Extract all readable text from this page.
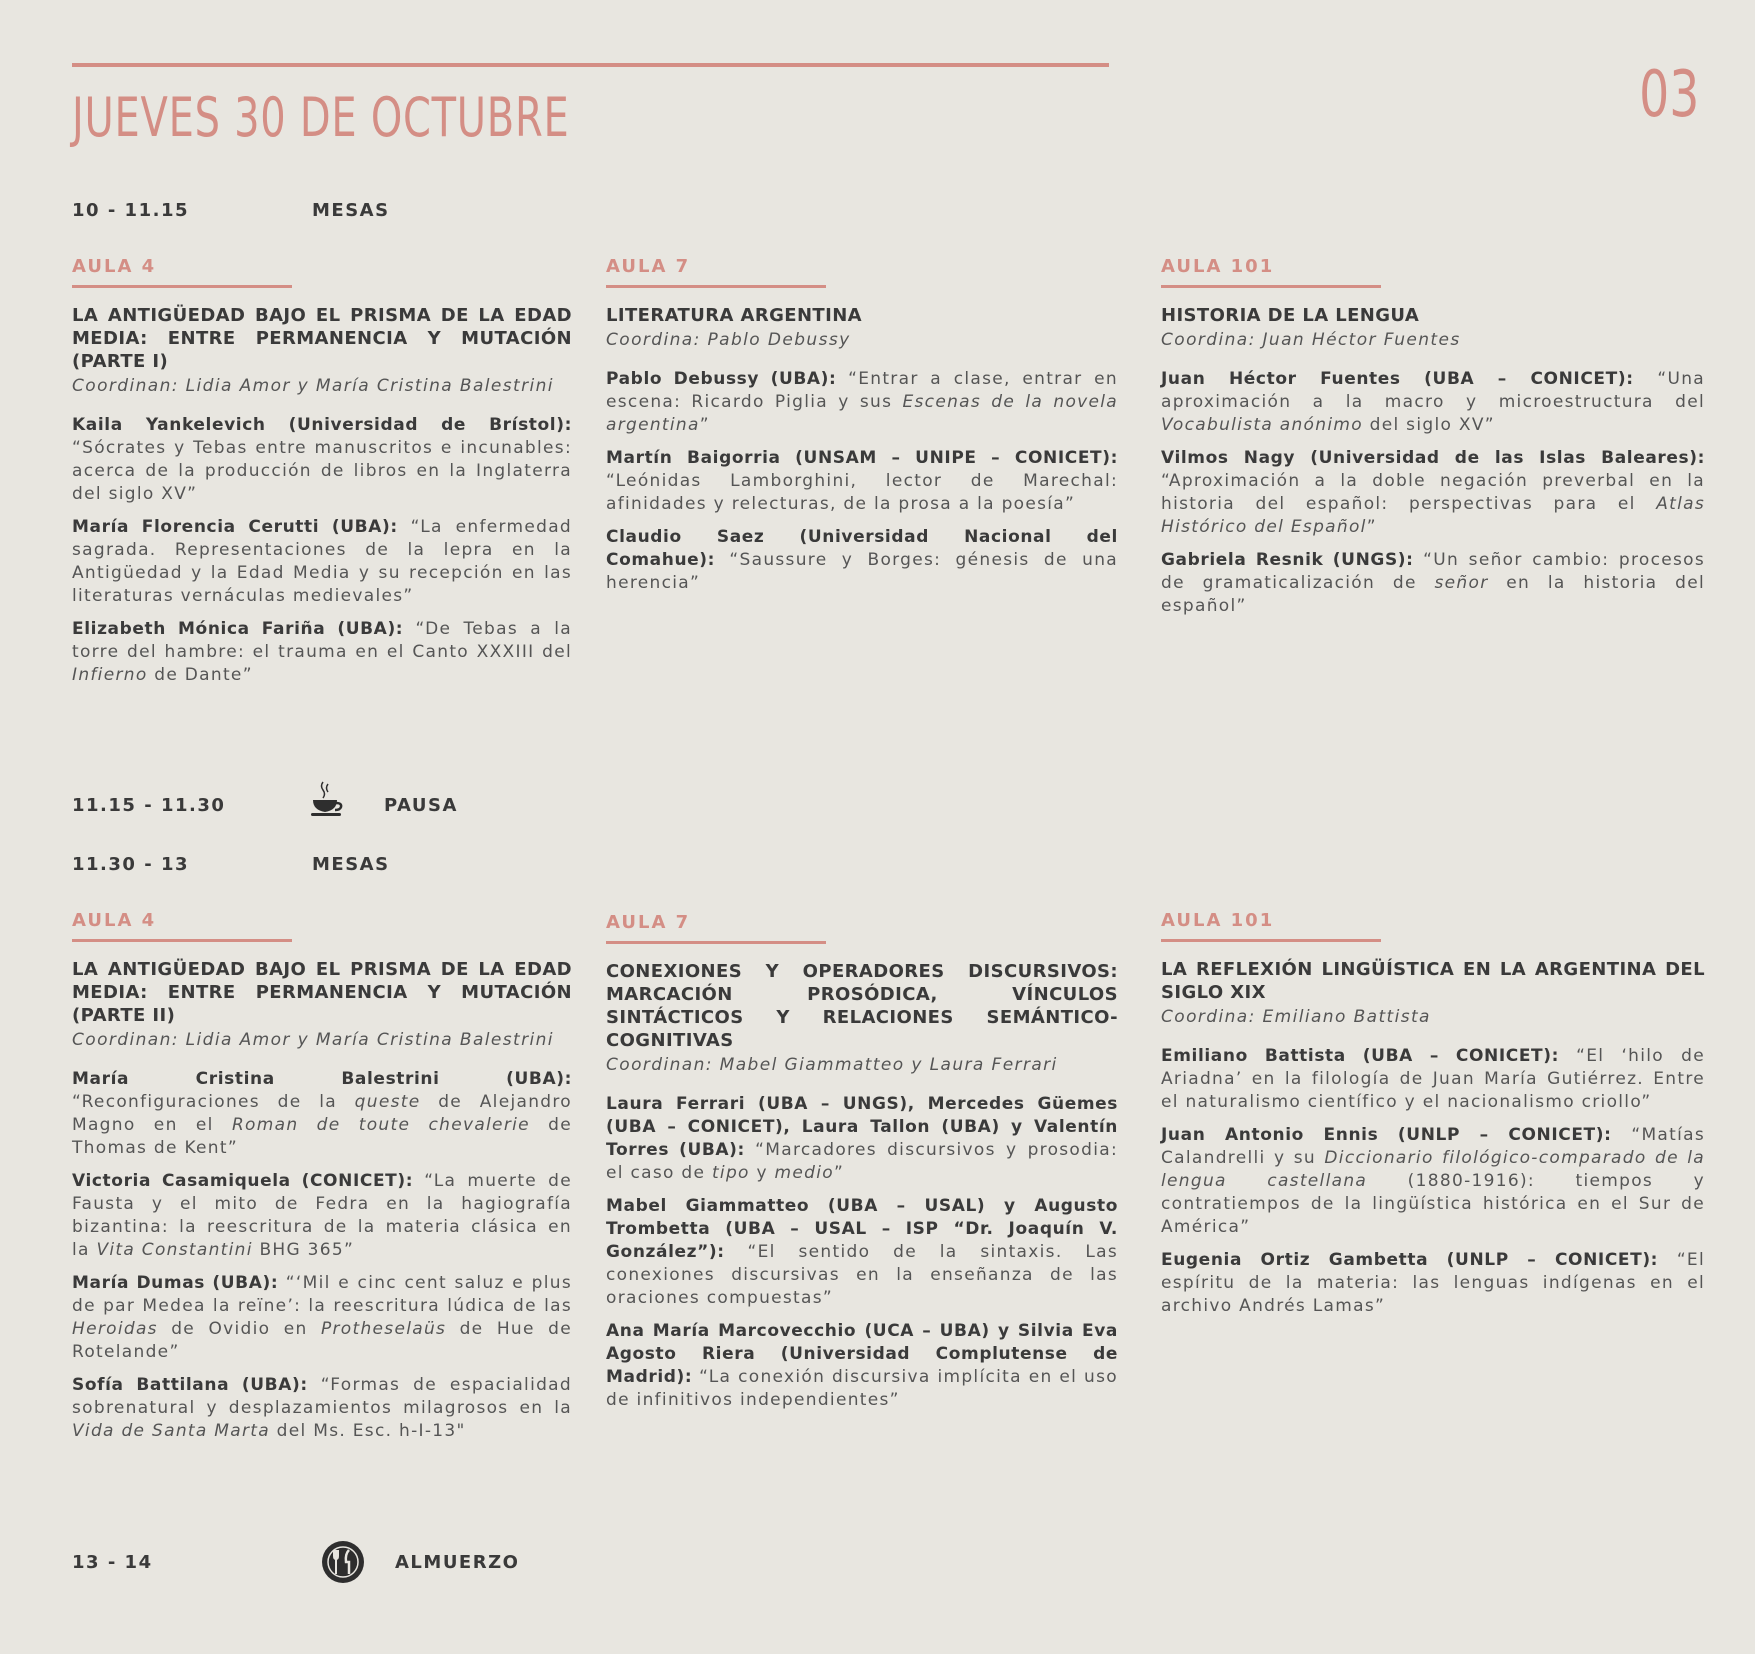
JUEVES 30 DE OCTUBRE	03
10 - 11.15	MESAS
AULA 4

LA ANTIGÜEDAD BAJO EL PRISMA DE LA EDAD MEDIA: ENTRE PERMANENCIA Y MUTACIÓN (PARTE I)

Coordinan: Lidia Amor y María Cristina Balestrini

Kaila Yankelevich (Universidad de Brístol): “Sócrates y Tebas entre manuscritos e incunables: acerca de la producción de libros en la Inglaterra del siglo XV”

María Florencia Cerutti (UBA): “La enfermedad sagrada. Representaciones de la lepra en la Antigüedad y la Edad Media y su recepción en las literaturas vernáculas medievales”

Elizabeth Mónica Fariña (UBA): “De Tebas a la torre del hambre: el trauma en el Canto XXXIII del Infierno de Dante”

AULA 7

LITERATURA ARGENTINA

Coordina: Pablo Debussy

Pablo Debussy (UBA): “Entrar a clase, entrar en escena: Ricardo Piglia y sus Escenas de la novela argentina”

Martín Baigorria (UNSAM – UNIPE – CONICET): “Leónidas Lamborghini, lector de Marechal: afinidades y relecturas, de la prosa a la poesía”

Claudio Saez (Universidad Nacional del Comahue): “Saussure y Borges: génesis de una herencia”

AULA 101

HISTORIA DE LA LENGUA

Coordina: Juan Héctor Fuentes

Juan Héctor Fuentes (UBA – CONICET): “Una aproximación a la macro y microestructura del Vocabulista anónimo del siglo XV”

Vilmos Nagy (Universidad de las Islas Baleares): “Aproximación a la doble negación preverbal en la historia del español: perspectivas para el Atlas Histórico del Español”

Gabriela Resnik (UNGS): “Un señor cambio: procesos de gramaticalización de señor en la historia del español”

11.15 - 11.30	PAUSA
11.30 - 13	MESAS
AULA 4

LA ANTIGÜEDAD BAJO EL PRISMA DE LA EDAD MEDIA: ENTRE PERMANENCIA Y MUTACIÓN (PARTE II)

Coordinan: Lidia Amor y María Cristina Balestrini

María Cristina Balestrini (UBA): “Reconfiguraciones de la queste de Alejandro Magno en el Roman de toute chevalerie de Thomas de Kent”

Victoria Casamiquela (CONICET): “La muerte de Fausta y el mito de Fedra en la hagiografía bizantina: la reescritura de la materia clásica en la Vita Constantini BHG 365”

María Dumas (UBA): “‘Mil e cinc cent saluz e plus de par Medea la reïne’: la reescritura lúdica de las Heroidas de Ovidio en Protheselaüs de Hue de Rotelande”

Sofía Battilana (UBA): “Formas de espacialidad sobrenatural y desplazamientos milagrosos en la Vida de Santa Marta del Ms. Esc. h-I-13"

AULA 7

CONEXIONES Y OPERADORES DISCURSIVOS: MARCACIÓN PROSÓDICA, VÍNCULOS SINTÁCTICOS Y RELACIONES SEMÁNTICO-COGNITIVAS

Coordinan: Mabel Giammatteo y Laura Ferrari

Laura Ferrari (UBA – UNGS), Mercedes Güemes (UBA – CONICET), Laura Tallon (UBA) y Valentín Torres (UBA): “Marcadores discursivos y prosodia: el caso de tipo y medio”

Mabel Giammatteo (UBA – USAL) y Augusto Trombetta (UBA – USAL – ISP “Dr. Joaquín V. González”): “El sentido de la sintaxis. Las conexiones discursivas en la enseñanza de las oraciones compuestas”

Ana María Marcovecchio (UCA – UBA) y Silvia Eva Agosto Riera (Universidad Complutense de Madrid): “La conexión discursiva implícita en el uso de infinitivos independientes”

AULA 101

LA REFLEXIÓN LINGÜÍSTICA EN LA ARGENTINA DEL SIGLO XIX

Coordina: Emiliano Battista

Emiliano Battista (UBA – CONICET): “El ‘hilo de Ariadna’ en la filología de Juan María Gutiérrez. Entre el naturalismo científico y el nacionalismo criollo”

Juan Antonio Ennis (UNLP – CONICET): “Matías Calandrelli y su Diccionario filológico-comparado de la lengua castellana (1880-1916): tiempos y contratiempos de la lingüística histórica en el Sur de América”

Eugenia Ortiz Gambetta (UNLP – CONICET): “El espíritu de la materia: las lenguas indígenas en el archivo Andrés Lamas”

13 - 14	ALMUERZO
